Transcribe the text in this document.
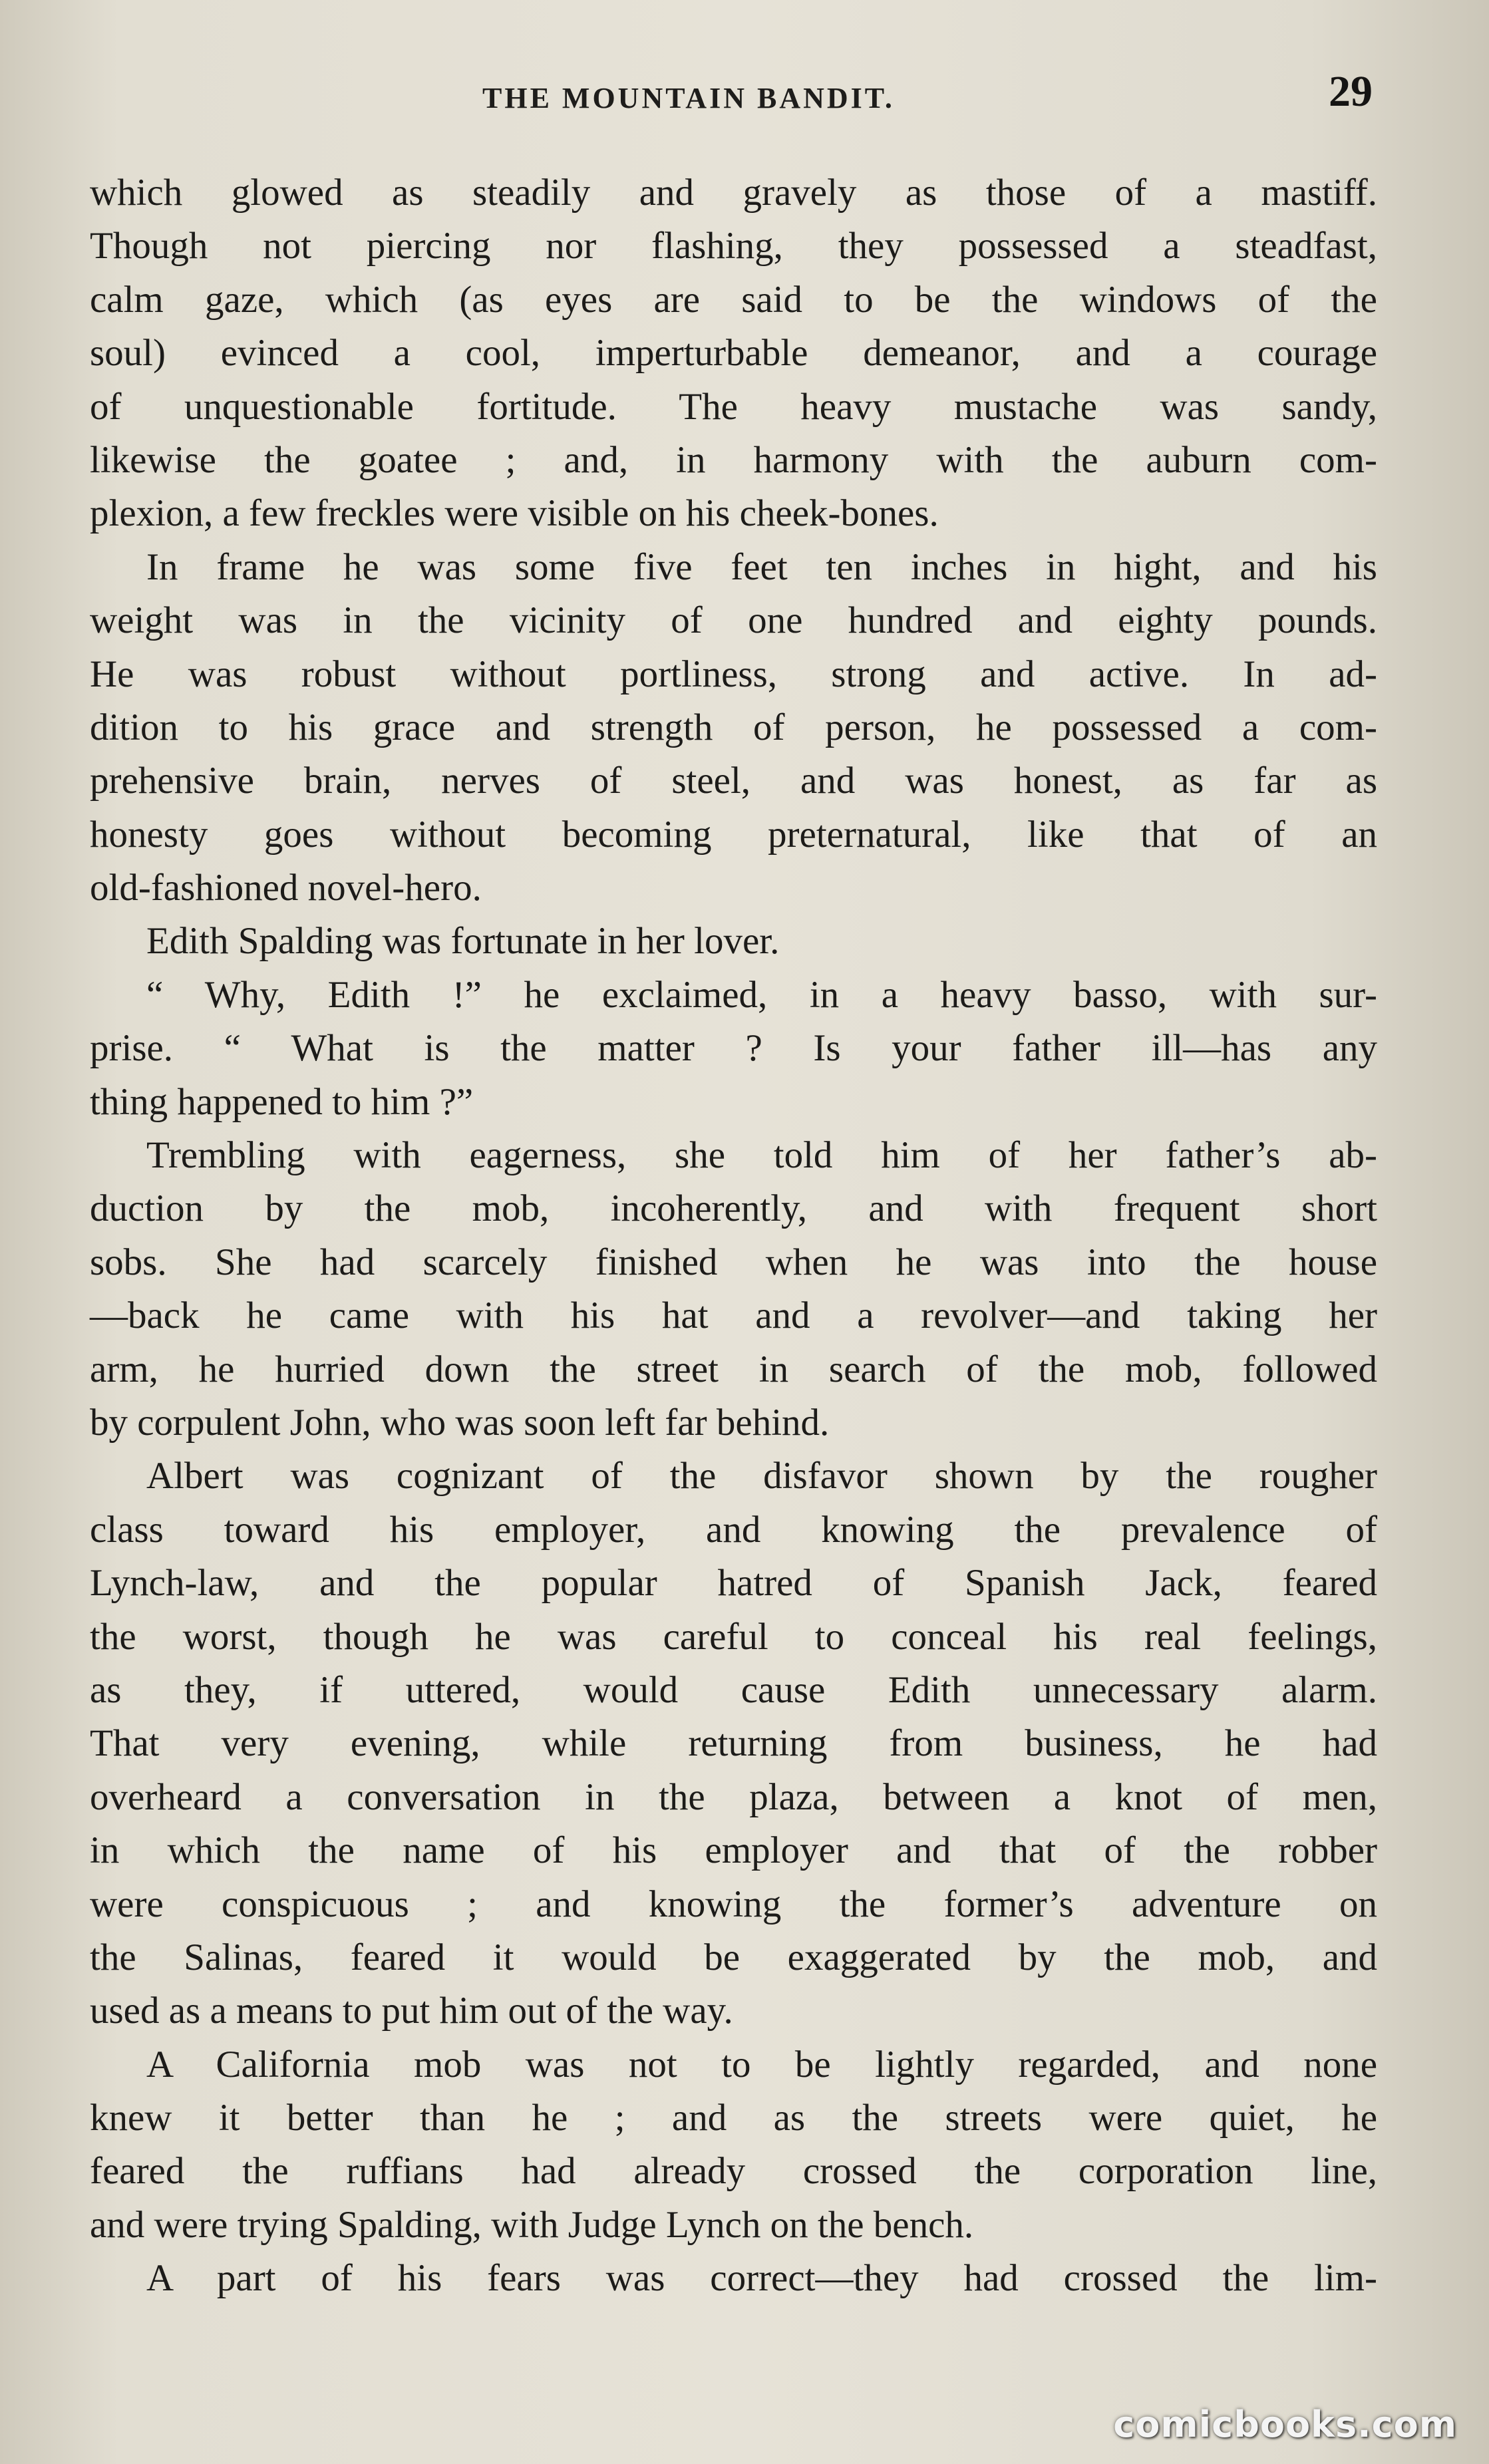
THE MOUNTAIN BANDIT.	29
which glowed as steadily and gravely as those of a mastiff.
Though not piercing nor flashing, they possessed a steadfast,
calm gaze, which (as eyes are said to be the windows of the
soul) evinced a cool, imperturbable demeanor, and a courage
of unquestionable fortitude. The heavy mustache was sandy,
likewise the goatee ; and, in harmony with the auburn com-
plexion, a few freckles were visible on his cheek-bones.
In frame he was some five feet ten inches in hight, and his
weight was in the vicinity of one hundred and eighty pounds.
He was robust without portliness, strong and active. In ad-
dition to his grace and strength of person, he possessed a com-
prehensive brain, nerves of steel, and was honest, as far as
honesty goes without becoming preternatural, like that of an
old-fashioned novel-hero.
Edith Spalding was fortunate in her lover.
“ Why, Edith !” he exclaimed, in a heavy basso, with sur-
prise. “ What is the matter ? Is your father ill—has any
thing happened to him ?”
Trembling with eagerness, she told him of her father’s ab-
duction by the mob, incoherently, and with frequent short
sobs. She had scarcely finished when he was into the house
—back he came with his hat and a revolver—and taking her
arm, he hurried down the street in search of the mob, followed
by corpulent John, who was soon left far behind.
Albert was cognizant of the disfavor shown by the rougher
class toward his employer, and knowing the prevalence of
Lynch-law, and the popular hatred of Spanish Jack, feared
the worst, though he was careful to conceal his real feelings,
as they, if uttered, would cause Edith unnecessary alarm.
That very evening, while returning from business, he had
overheard a conversation in the plaza, between a knot of men,
in which the name of his employer and that of the robber
were conspicuous ; and knowing the former’s adventure on
the Salinas, feared it would be exaggerated by the mob, and
used as a means to put him out of the way.
A California mob was not to be lightly regarded, and none
knew it better than he ; and as the streets were quiet, he
feared the ruffians had already crossed the corporation line,
and were trying Spalding, with Judge Lynch on the bench.
A part of his fears was correct—they had crossed the lim-
comicbooks.com
